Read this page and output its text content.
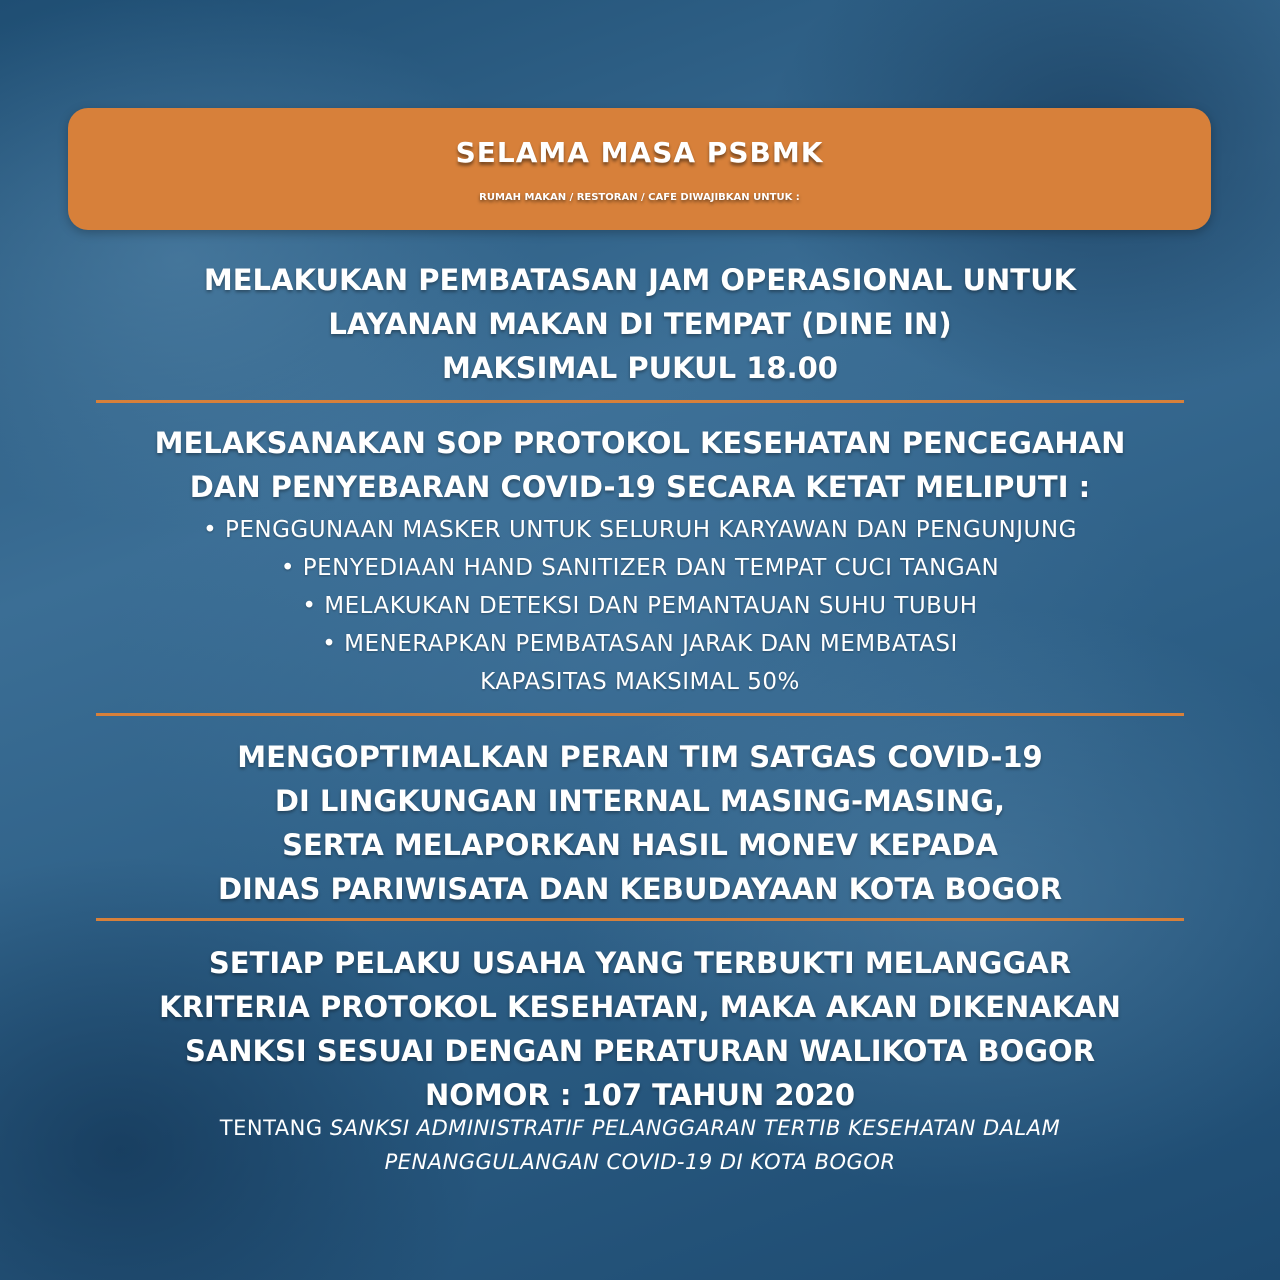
SELAMA MASA PSBMK
RUMAH MAKAN / RESTORAN / CAFE DIWAJIBKAN UNTUK :
MELAKUKAN PEMBATASAN JAM OPERASIONAL UNTUK
LAYANAN MAKAN DI TEMPAT (DINE IN)
MAKSIMAL PUKUL 18.00
MELAKSANAKAN SOP PROTOKOL KESEHATAN PENCEGAHAN
DAN PENYEBARAN COVID-19 SECARA KETAT MELIPUTI :
• PENGGUNAAN MASKER UNTUK SELURUH KARYAWAN DAN PENGUNJUNG
• PENYEDIAAN HAND SANITIZER DAN TEMPAT CUCI TANGAN
• MELAKUKAN DETEKSI DAN PEMANTAUAN SUHU TUBUH
• MENERAPKAN PEMBATASAN JARAK DAN MEMBATASI
KAPASITAS MAKSIMAL 50%
MENGOPTIMALKAN PERAN TIM SATGAS COVID-19
DI LINGKUNGAN INTERNAL MASING-MASING,
SERTA MELAPORKAN HASIL MONEV KEPADA
DINAS PARIWISATA DAN KEBUDAYAAN KOTA BOGOR
SETIAP PELAKU USAHA YANG TERBUKTI MELANGGAR
KRITERIA PROTOKOL KESEHATAN, MAKA AKAN DIKENAKAN
SANKSI SESUAI DENGAN PERATURAN WALIKOTA BOGOR
NOMOR : 107 TAHUN 2020
TENTANG SANKSI ADMINISTRATIF PELANGGARAN TERTIB KESEHATAN DALAM
PENANGGULANGAN COVID-19 DI KOTA BOGOR
